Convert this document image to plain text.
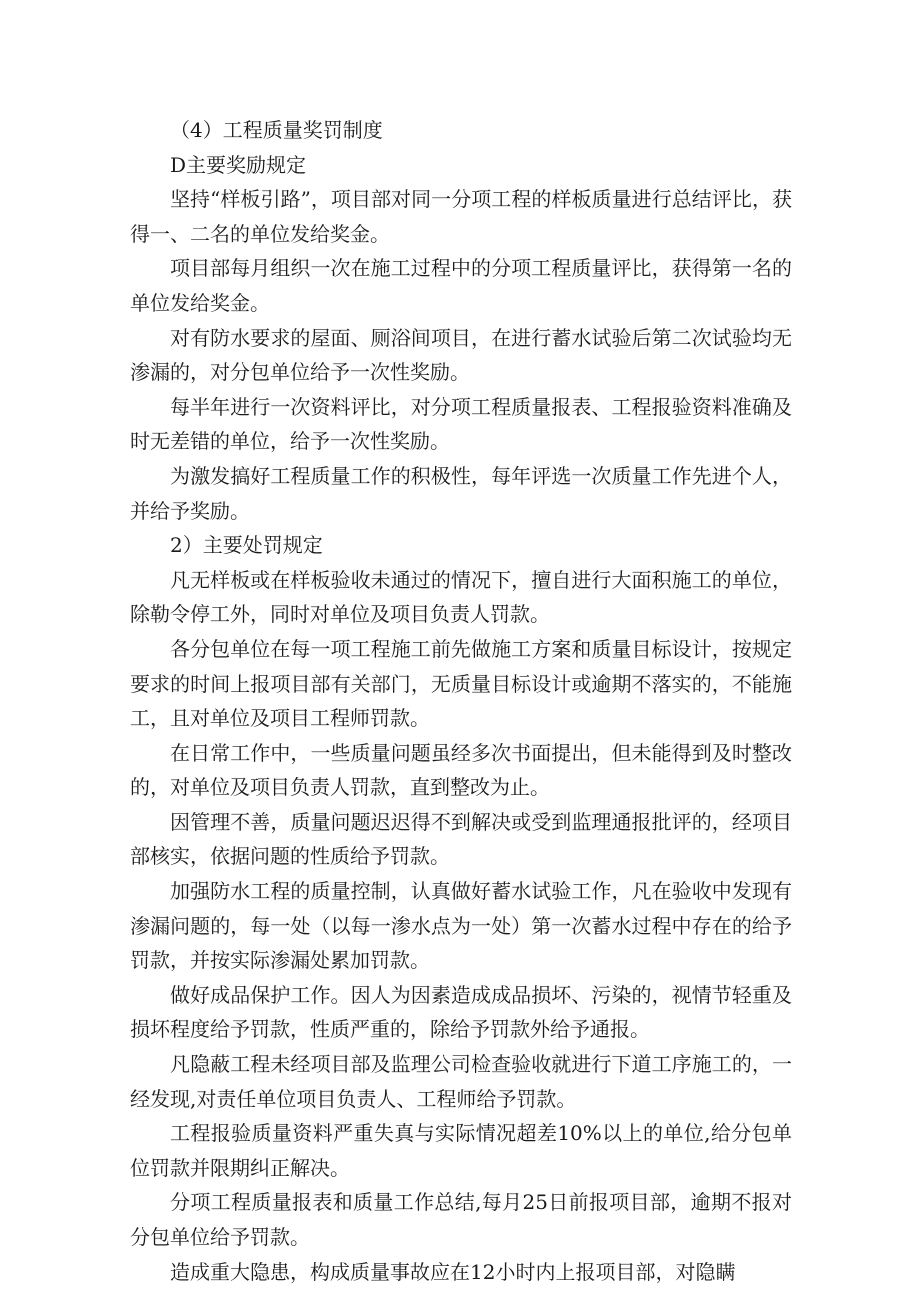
（4）工程质量奖罚制度

D主要奖励规定

坚持“样板引路”，项目部对同一分项工程的样板质量进行总结评比，获得一、二名的单位发给奖金。

项目部每月组织一次在施工过程中的分项工程质量评比，获得第一名的单位发给奖金。

对有防水要求的屋面、厕浴间项目，在进行蓄水试验后第二次试验均无渗漏的，对分包单位给予一次性奖励。

每半年进行一次资料评比，对分项工程质量报表、工程报验资料准确及时无差错的单位，给予一次性奖励。

为激发搞好工程质量工作的积极性，每年评选一次质量工作先进个人，并给予奖励。

2）主要处罚规定

凡无样板或在样板验收未通过的情况下，擅自进行大面积施工的单位，除勒令停工外，同时对单位及项目负责人罚款。

各分包单位在每一项工程施工前先做施工方案和质量目标设计，按规定要求的时间上报项目部有关部门，无质量目标设计或逾期不落实的，不能施工，且对单位及项目工程师罚款。

在日常工作中，一些质量问题虽经多次书面提出，但未能得到及时整改的，对单位及项目负责人罚款，直到整改为止。

因管理不善，质量问题迟迟得不到解决或受到监理通报批评的，经项目部核实，依据问题的性质给予罚款。

加强防水工程的质量控制，认真做好蓄水试验工作，凡在验收中发现有渗漏问题的，每一处（以每一渗水点为一处）第一次蓄水过程中存在的给予罚款，并按实际渗漏处累加罚款。

做好成品保护工作。因人为因素造成成品损坏、污染的，视情节轻重及损坏程度给予罚款，性质严重的，除给予罚款外给予通报。

凡隐蔽工程未经项目部及监理公司检查验收就进行下道工序施工的，一经发现,对责任单位项目负责人、工程师给予罚款。

工程报验质量资料严重失真与实际情况超差10%以上的单位,给分包单位罚款并限期纠正解决。

分项工程质量报表和质量工作总结,每月25日前报项目部，逾期不报对分包单位给予罚款。

造成重大隐患，构成质量事故应在12小时内上报项目部，对隐瞒
